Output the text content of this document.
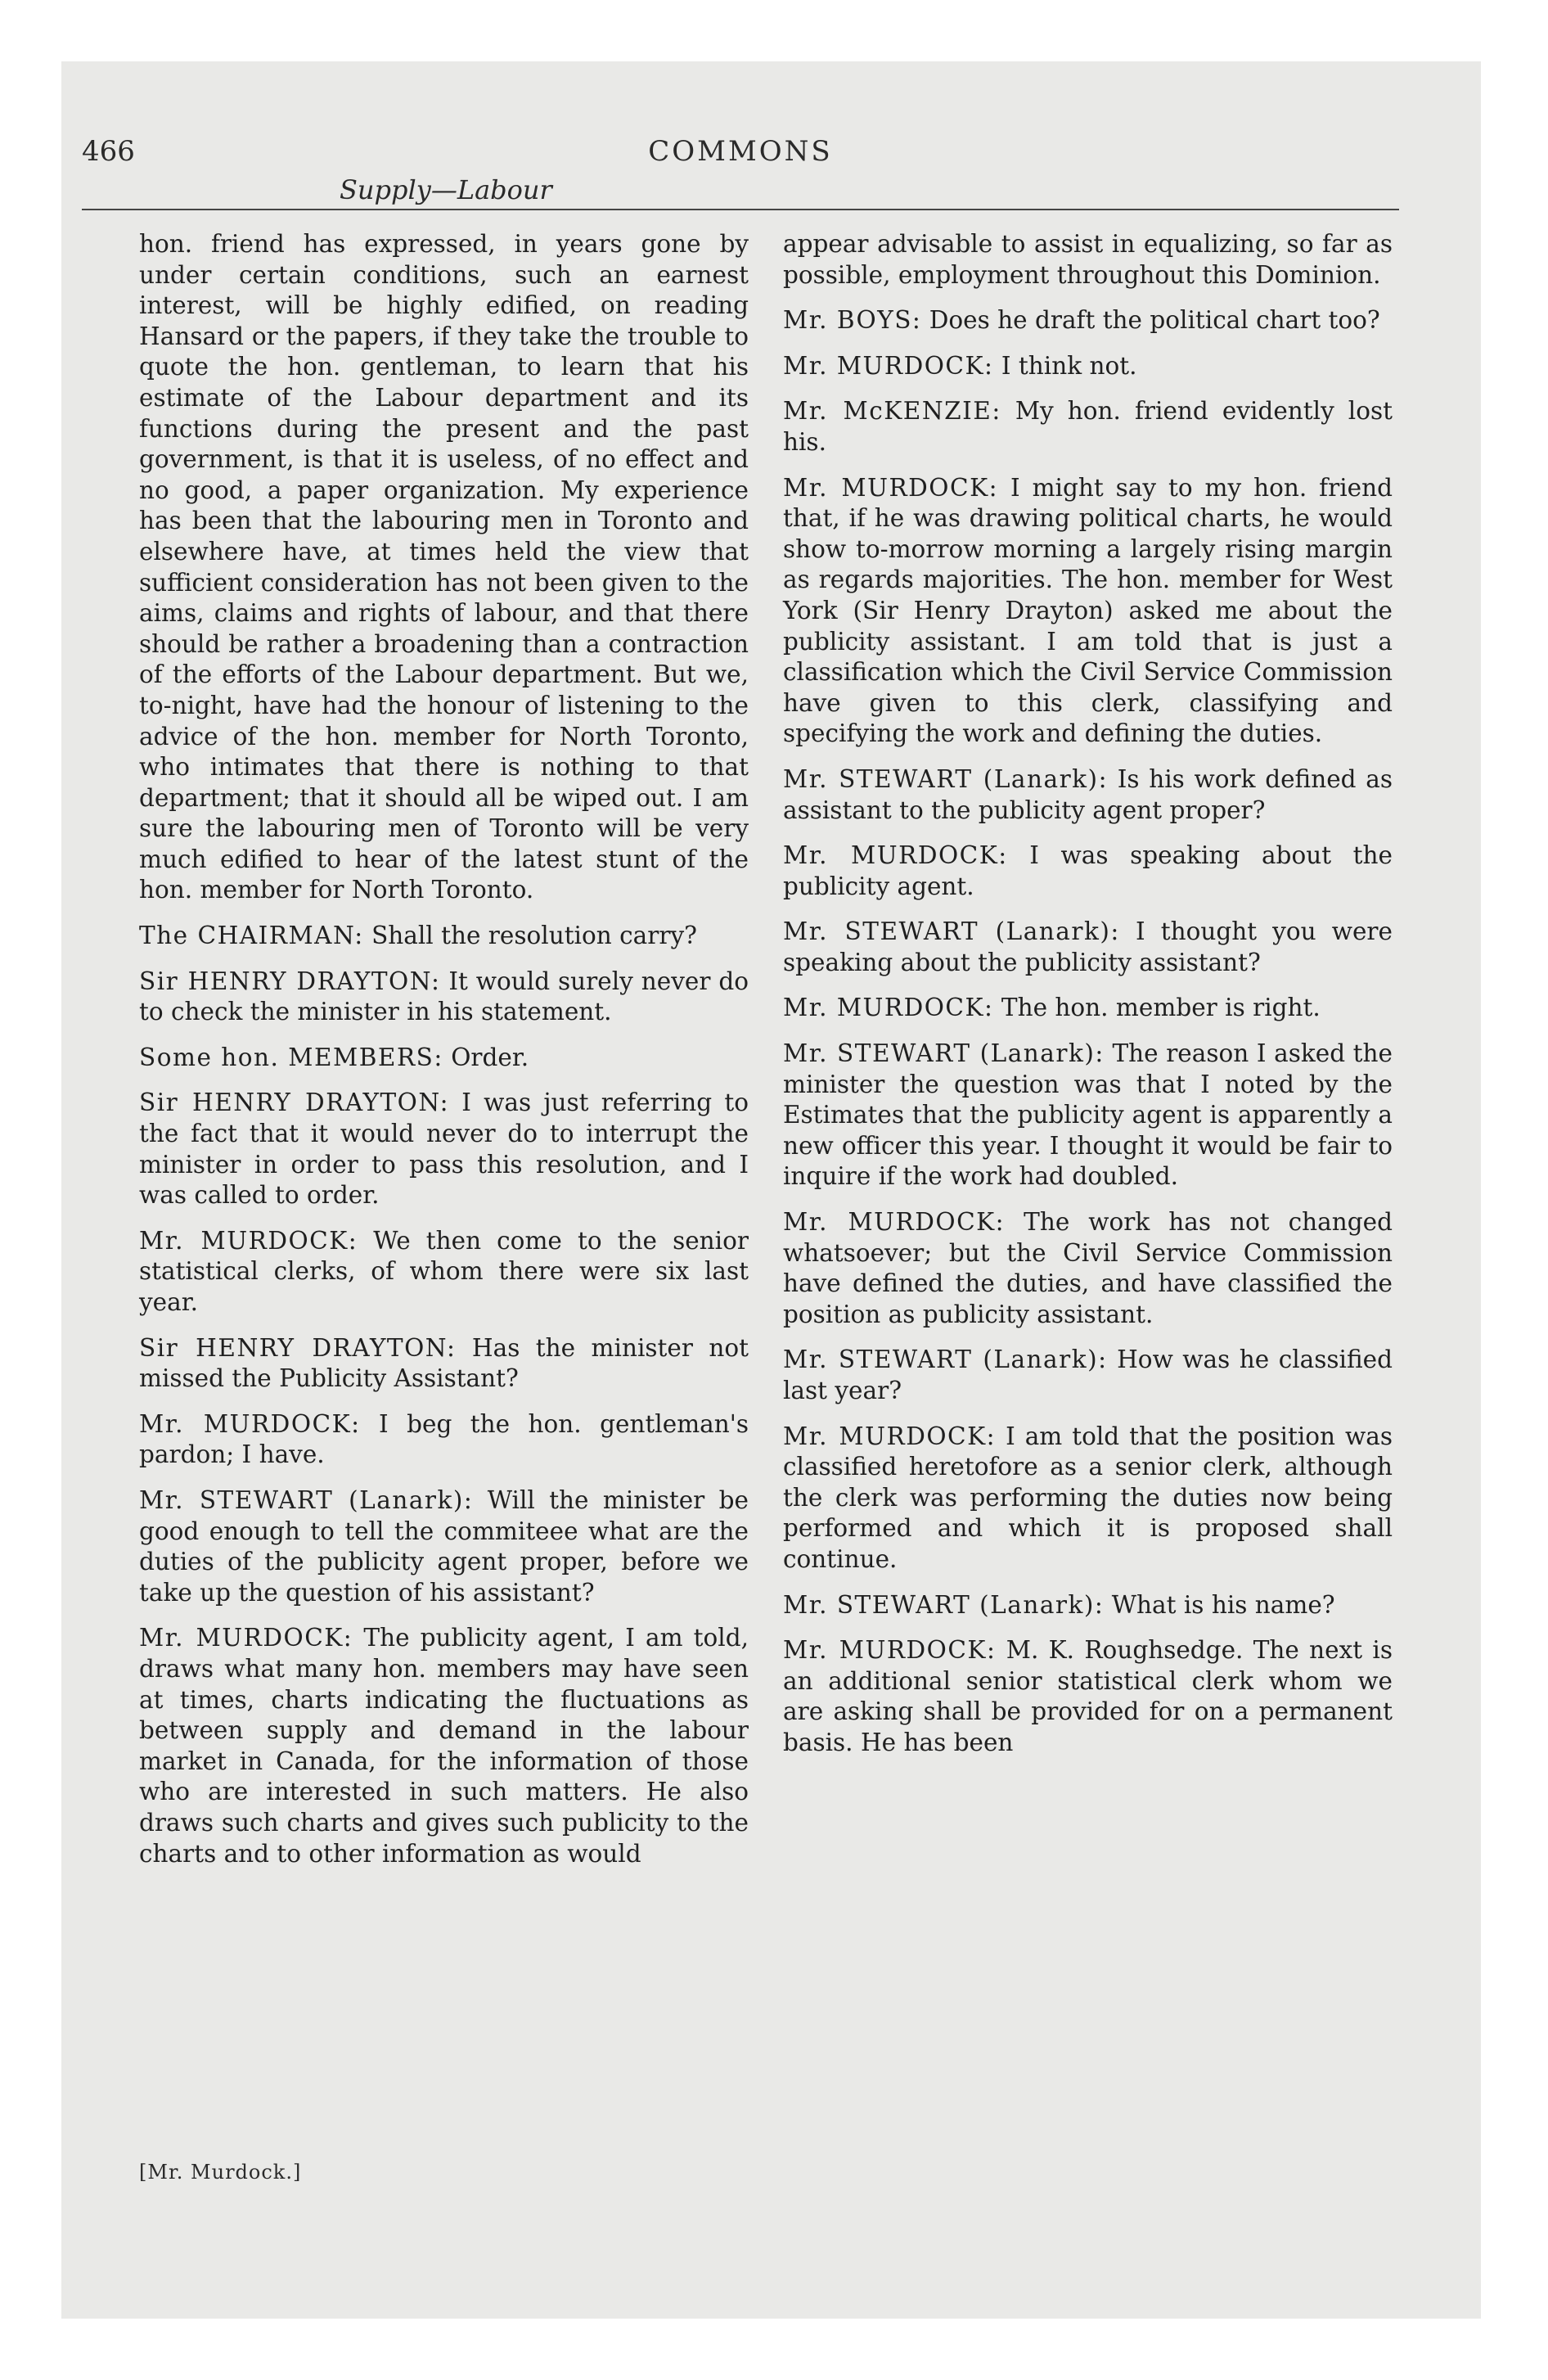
466	COMMONS
Supply—Labour

hon. friend has expressed, in years gone by under certain conditions, such an earnest interest, will be highly edified, on reading Hansard or the papers, if they take the trouble to quote the hon. gentleman, to learn that his estimate of the Labour department and its functions during the present and the past government, is that it is useless, of no effect and no good, a paper organization. My experience has been that the labouring men in Toronto and elsewhere have, at times held the view that sufficient consideration has not been given to the aims, claims and rights of labour, and that there should be rather a broadening than a contraction of the efforts of the Labour department. But we, to-night, have had the honour of listening to the advice of the hon. member for North Toronto, who intimates that there is nothing to that department; that it should all be wiped out. I am sure the labouring men of Toronto will be very much edified to hear of the latest stunt of the hon. member for North Toronto.

The CHAIRMAN: Shall the resolution carry?

Sir HENRY DRAYTON: It would surely never do to check the minister in his statement.

Some hon. MEMBERS: Order.

Sir HENRY DRAYTON: I was just referring to the fact that it would never do to interrupt the minister in order to pass this resolution, and I was called to order.

Mr. MURDOCK: We then come to the senior statistical clerks, of whom there were six last year.

Sir HENRY DRAYTON: Has the minister not missed the Publicity Assistant?

Mr. MURDOCK: I beg the hon. gentleman's pardon; I have.

Mr. STEWART (Lanark): Will the minister be good enough to tell the commiteee what are the duties of the publicity agent proper, before we take up the question of his assistant?

Mr. MURDOCK: The publicity agent, I am told, draws what many hon. members may have seen at times, charts indicating the fluctuations as between supply and demand in the labour market in Canada, for the information of those who are interested in such matters. He also draws such charts and gives such publicity to the charts and to other information as would

appear advisable to assist in equalizing, so far as possible, employment throughout this Dominion.

Mr. BOYS: Does he draft the political chart too?

Mr. MURDOCK: I think not.

Mr. McKENZIE: My hon. friend evidently lost his.

Mr. MURDOCK: I might say to my hon. friend that, if he was drawing political charts, he would show to-morrow morning a largely rising margin as regards majorities. The hon. member for West York (Sir Henry Drayton) asked me about the publicity assistant. I am told that is just a classification which the Civil Service Commission have given to this clerk, classifying and specifying the work and defining the duties.

Mr. STEWART (Lanark): Is his work defined as assistant to the publicity agent proper?

Mr. MURDOCK: I was speaking about the publicity agent.

Mr. STEWART (Lanark): I thought you were speaking about the publicity assistant?

Mr. MURDOCK: The hon. member is right.

Mr. STEWART (Lanark): The reason I asked the minister the question was that I noted by the Estimates that the publicity agent is apparently a new officer this year. I thought it would be fair to inquire if the work had doubled.

Mr. MURDOCK: The work has not changed whatsoever; but the Civil Service Commission have defined the duties, and have classified the position as publicity assistant.

Mr. STEWART (Lanark): How was he classified last year?

Mr. MURDOCK: I am told that the position was classified heretofore as a senior clerk, although the clerk was performing the duties now being performed and which it is proposed shall continue.

Mr. STEWART (Lanark): What is his name?

Mr. MURDOCK: M. K. Roughsedge. The next is an additional senior statistical clerk whom we are asking shall be provided for on a permanent basis. He has been

[Mr. Murdock.]
